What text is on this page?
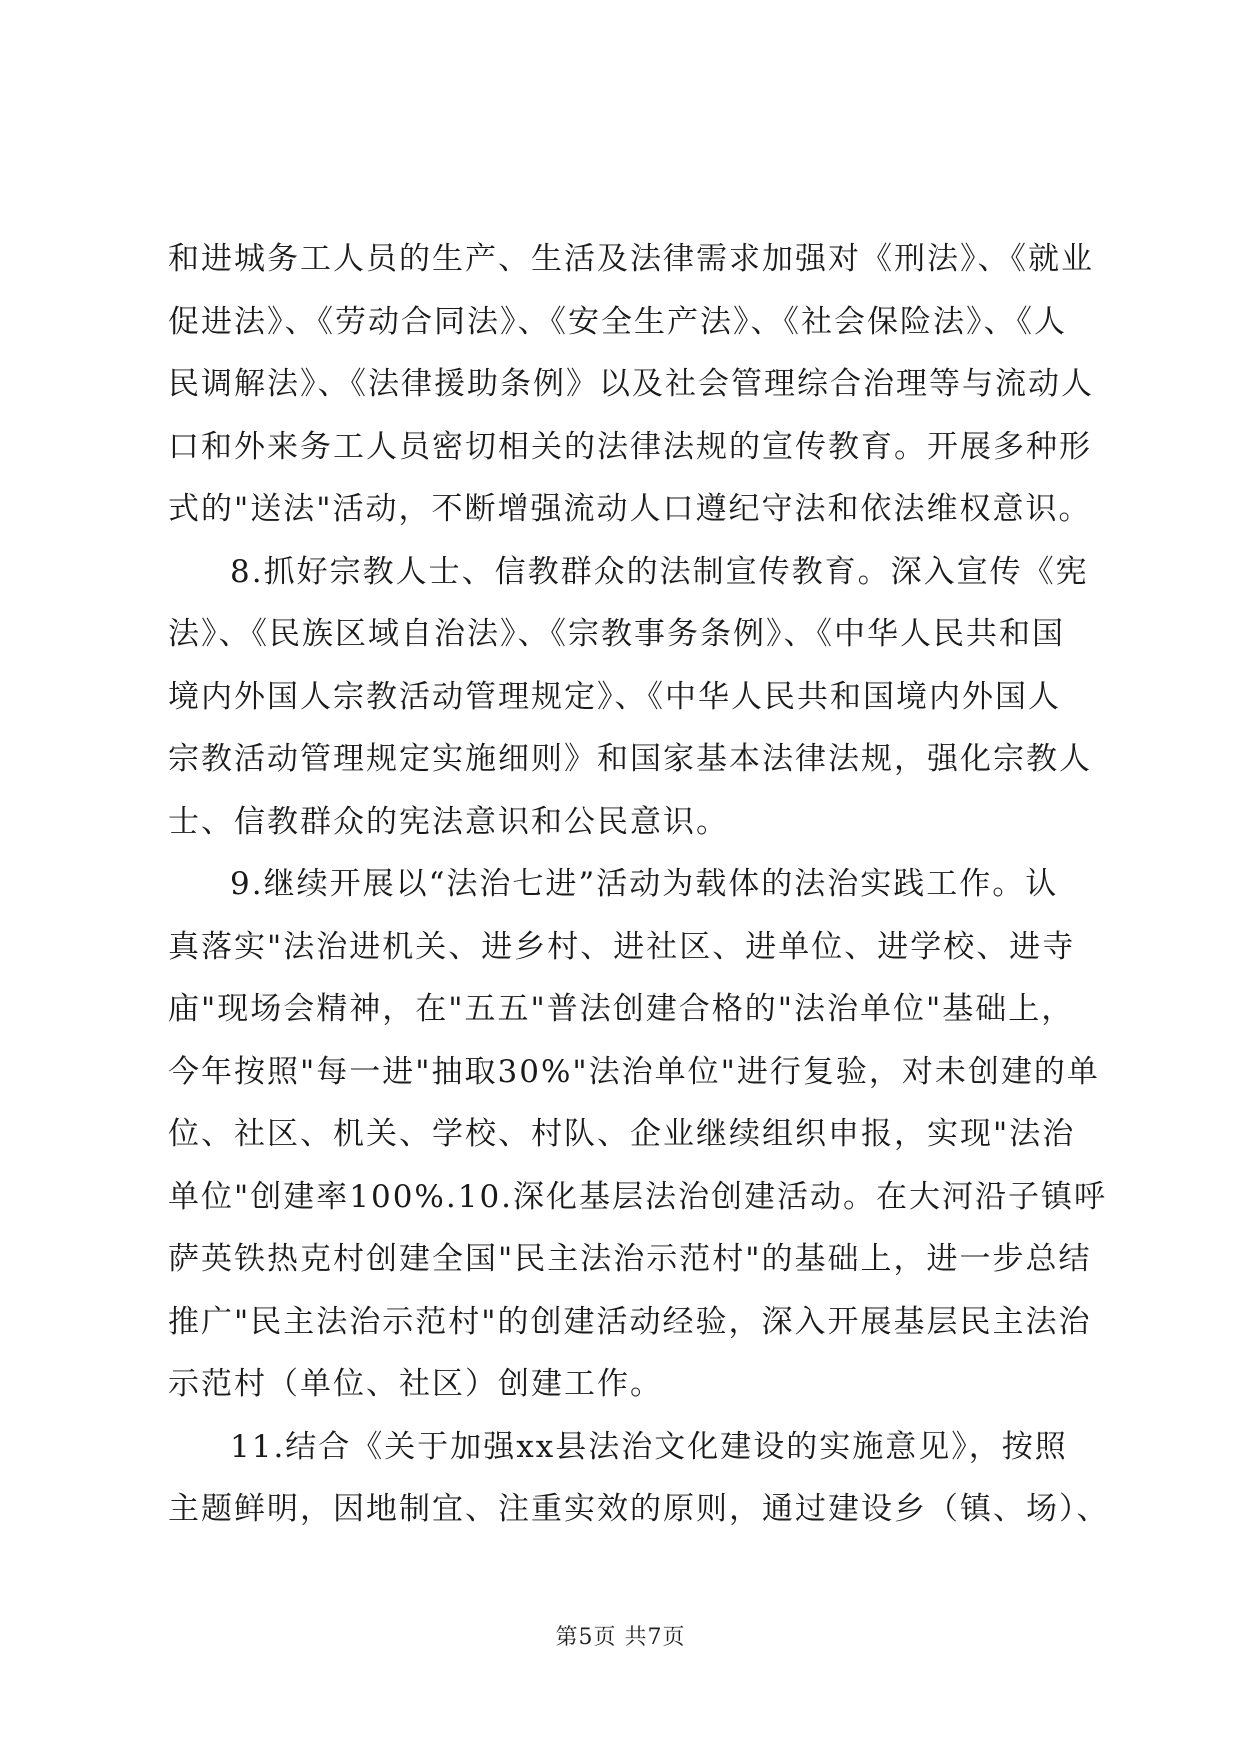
和进城务工人员的生产、生活及法律需求加强对《刑法》、《就业
促进法》、《劳动合同法》、《安全生产法》、《社会保险法》、《人
民调解法》、《法律援助条例》以及社会管理综合治理等与流动人
口和外来务工人员密切相关的法律法规的宣传教育。开展多种形
式的"送法"活动，不断增强流动人口遵纪守法和依法维权意识。
8.抓好宗教人士、信教群众的法制宣传教育。深入宣传《宪
法》、《民族区域自治法》、《宗教事务条例》、《中华人民共和国
境内外国人宗教活动管理规定》、《中华人民共和国境内外国人
宗教活动管理规定实施细则》和国家基本法律法规，强化宗教人
士、信教群众的宪法意识和公民意识。
9.继续开展以“法治七进”活动为载体的法治实践工作。认
真落实"法治进机关、进乡村、进社区、进单位、进学校、进寺
庙"现场会精神，在"五五"普法创建合格的"法治单位"基础上，
今年按照"每一进"抽取30%"法治单位"进行复验，对未创建的单
位、社区、机关、学校、村队、企业继续组织申报，实现"法治
单位"创建率100%.10.深化基层法治创建活动。在大河沿子镇呼
萨英铁热克村创建全国"民主法治示范村"的基础上，进一步总结
推广"民主法治示范村"的创建活动经验，深入开展基层民主法治
示范村（单位、社区）创建工作。
11.结合《关于加强xx县法治文化建设的实施意见》，按照
主题鲜明，因地制宜、注重实效的原则，通过建设乡（镇、场）、
第5页 共7页
